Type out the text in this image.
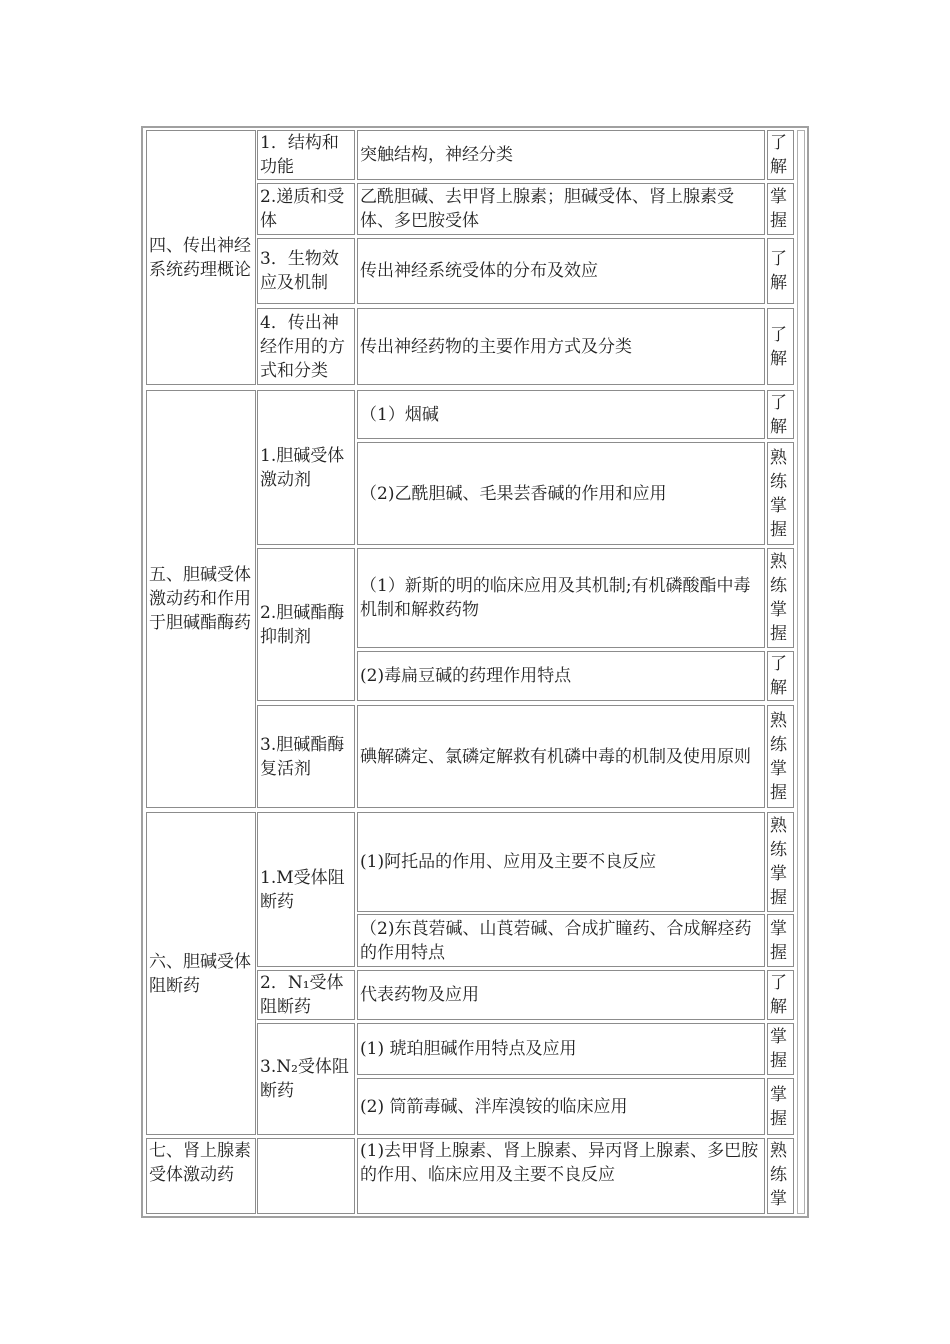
四、传出神经系统药理概论
五、胆碱受体激动药和作用于胆碱酯酶药
六、胆碱受体阻断药
七、肾上腺素受体激动药
1．结构和功能
2.递质和受体
3．生物效应及机制
4．传出神经作用的方式和分类
1.胆碱受体激动剂
2.胆碱酯酶抑制剂
3.胆碱酯酶复活剂
1.M受体阻断药
2．N₁受体阻断药
3.N₂受体阻断药
突触结构，神经分类
乙酰胆碱、去甲肾上腺素；胆碱受体、肾上腺素受体、多巴胺受体
传出神经系统受体的分布及效应
传出神经药物的主要作用方式及分类
（1）烟碱
（2)乙酰胆碱、毛果芸香碱的作用和应用
（1）新斯的明的临床应用及其机制;有机磷酸酯中毒机制和解救药物
(2)毒扁豆碱的药理作用特点
碘解磷定、氯磷定解救有机磷中毒的机制及使用原则
(1)阿托品的作用、应用及主要不良反应
（2)东莨菪碱、山莨菪碱、合成扩瞳药、合成解痉药的作用特点
代表药物及应用
(1) 琥珀胆碱作用特点及应用
(2) 筒箭毒碱、泮库溴铵的临床应用
(1)去甲肾上腺素、肾上腺素、异丙肾上腺素、多巴胺的作用、临床应用及主要不良反应
了解
掌握
了解
了解
了解
熟练掌握
熟练掌握
了解
熟练掌握
熟练掌握
掌握
了解
掌握
掌握
熟练掌
